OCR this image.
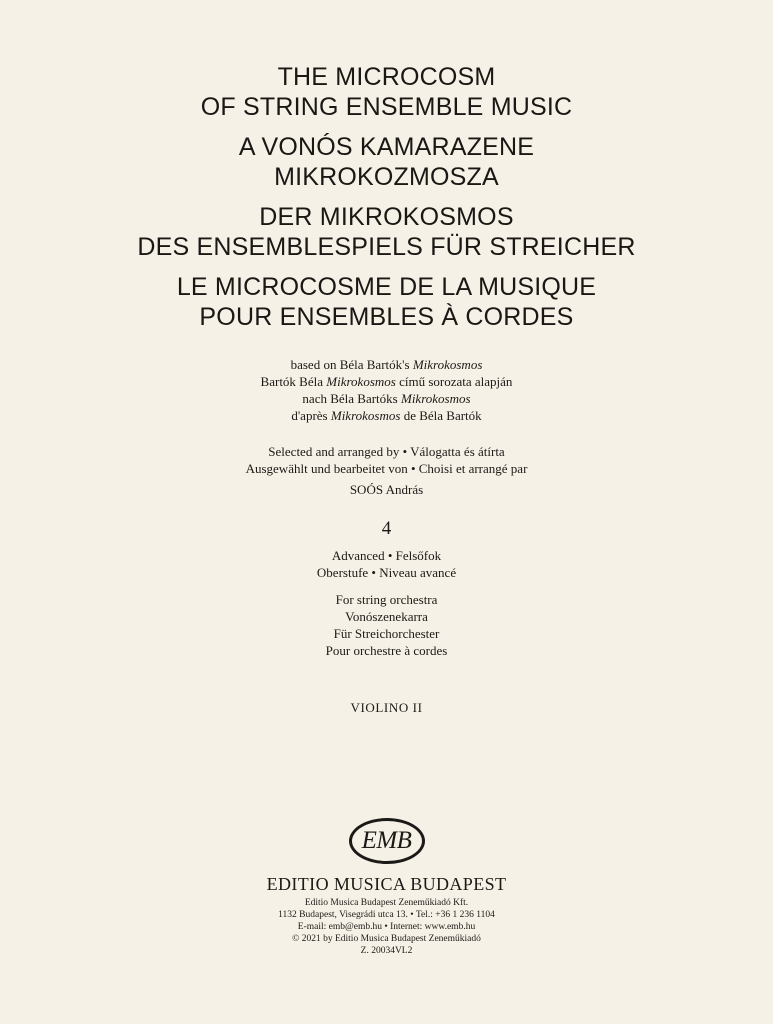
THE MICROCOSM
OF STRING ENSEMBLE MUSIC
A VONÓS KAMARAZENE
MIKROKOZMOSZA
DER MIKROKOSMOS
DES ENSEMBLESPIELS FÜR STREICHER
LE MICROCOSME DE LA MUSIQUE
POUR ENSEMBLES À CORDES
based on Béla Bartók's Mikrokosmos
Bartók Béla Mikrokosmos című sorozata alapján
nach Béla Bartóks Mikrokosmos
d'après Mikrokosmos de Béla Bartók
Selected and arranged by • Válogatta és átírta
Ausgewählt und bearbeitet von • Choisi et arrangé par
SOÓS András
4
Advanced • Felsőfok
Oberstufe • Niveau avancé
For string orchestra
Vonószenekarra
Für Streichorchester
Pour orchestre à cordes
VIOLINO II
EMB
EDITIO MUSICA BUDAPEST
Editio Musica Budapest Zeneműkiadó Kft.
1132 Budapest, Visegrádi utca 13. • Tel.: +36 1 236 1104
E-mail: emb@emb.hu • Internet: www.emb.hu
© 2021 by Editio Musica Budapest Zeneműkiadó
Z. 20034VL2
